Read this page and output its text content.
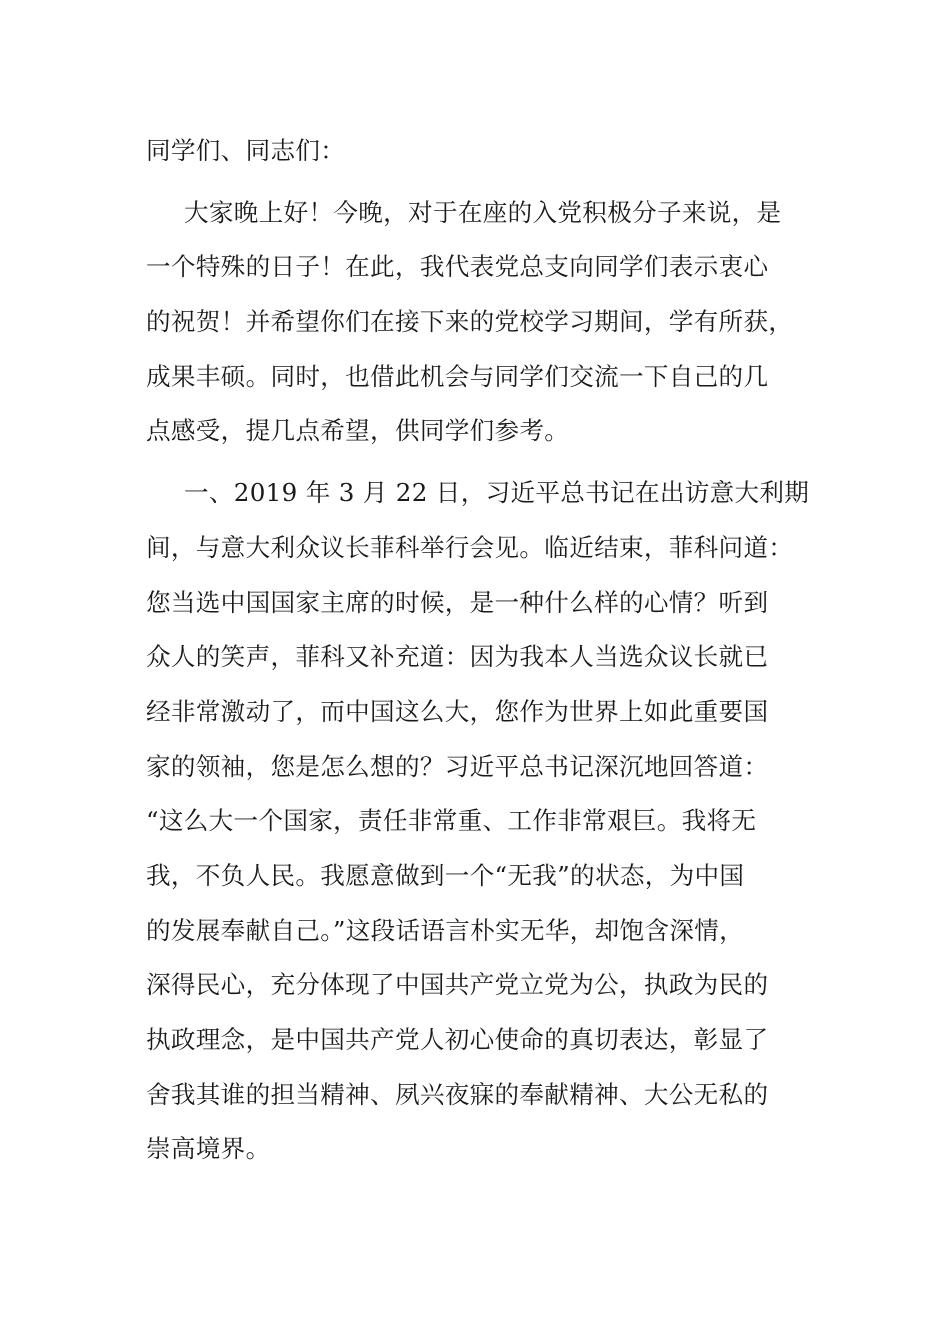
同学们、同志们：
大家晚上好！今晚，对于在座的入党积极分子来说，是
一个特殊的日子！在此，我代表党总支向同学们表示衷心
的祝贺！并希望你们在接下来的党校学习期间，学有所获，
成果丰硕。同时，也借此机会与同学们交流一下自己的几
点感受，提几点希望，供同学们参考。
一、2019 年 3 月 22 日，习近平总书记在出访意大利期
间，与意大利众议长菲科举行会见。临近结束，菲科问道：
您当选中国国家主席的时候，是一种什么样的心情？听到
众人的笑声，菲科又补充道：因为我本人当选众议长就已
经非常激动了，而中国这么大，您作为世界上如此重要国
家的领袖，您是怎么想的？习近平总书记深沉地回答道：
“这么大一个国家，责任非常重、工作非常艰巨。我将无
我，不负人民。我愿意做到一个“无我”的状态，为中国
的发展奉献自己。”这段话语言朴实无华，却饱含深情，
深得民心，充分体现了中国共产党立党为公，执政为民的
执政理念，是中国共产党人初心使命的真切表达，彰显了
舍我其谁的担当精神、夙兴夜寐的奉献精神、大公无私的
崇高境界。
